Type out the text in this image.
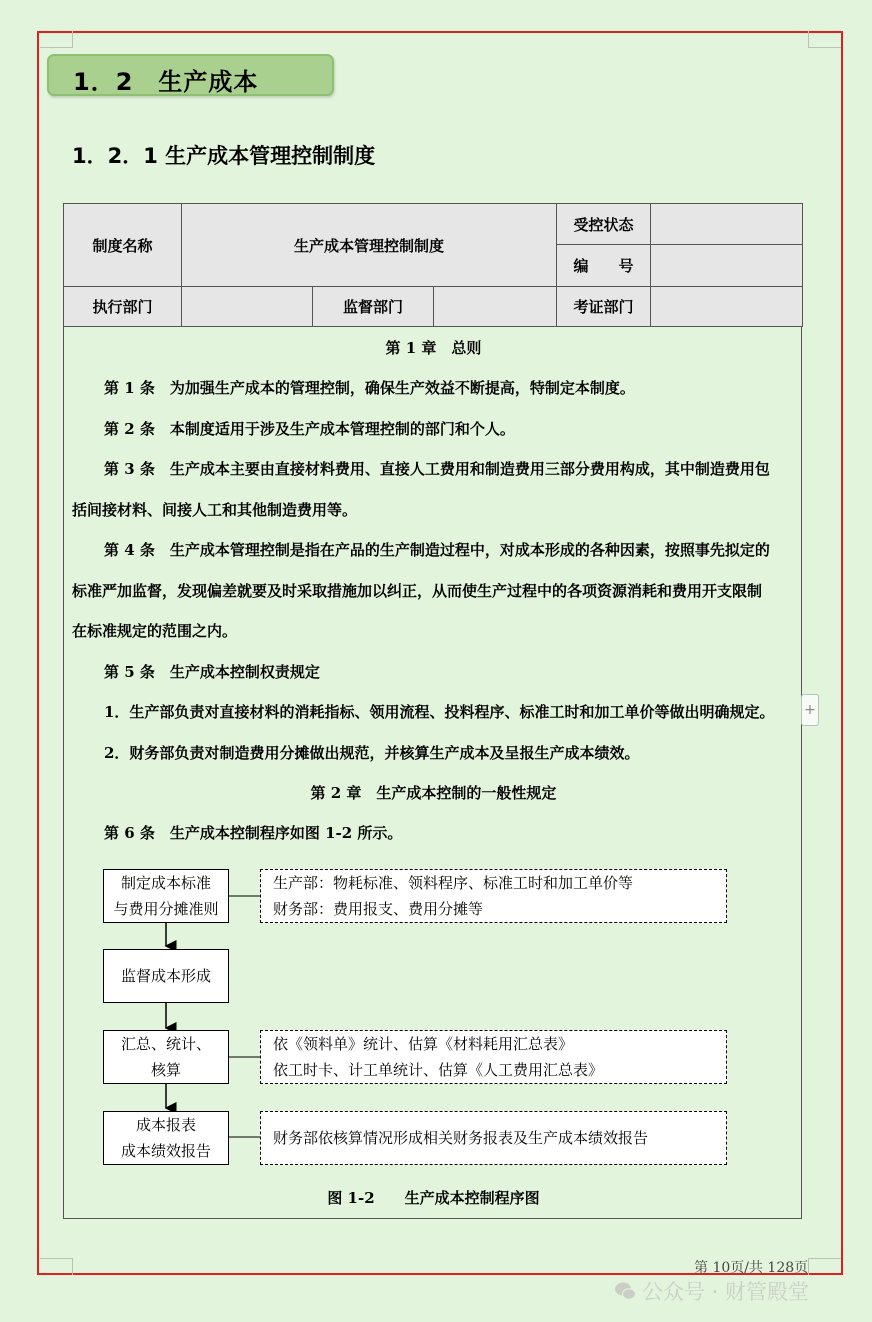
1．2　生产成本
1．2．1 生产成本管理控制制度
制度名称	生产成本管理控制制度			受控状态	
				编　　号	
执行部门		监督部门		考证部门	
第 1 章　总则
第 1 条　为加强生产成本的管理控制，确保生产效益不断提高，特制定本制度。
第 2 条　本制度适用于涉及生产成本管理控制的部门和个人。
第 3 条　生产成本主要由直接材料费用、直接人工费用和制造费用三部分费用构成，其中制造费用包
括间接材料、间接人工和其他制造费用等。
第 4 条　生产成本管理控制是指在产品的生产制造过程中，对成本形成的各种因素，按照事先拟定的
标准严加监督，发现偏差就要及时采取措施加以纠正，从而使生产过程中的各项资源消耗和费用开支限制
在标准规定的范围之内。
第 5 条　生产成本控制权责规定
1．生产部负责对直接材料的消耗指标、领用流程、投料程序、标准工时和加工单价等做出明确规定。
2．财务部负责对制造费用分摊做出规范，并核算生产成本及呈报生产成本绩效。
第 2 章　生产成本控制的一般性规定
第 6 条　生产成本控制程序如图 1-2 所示。
图 1-2　　生产成本控制程序图
+
制定成本标准
与费用分摊准则
监督成本形成
汇总、统计、
核算
成本报表
成本绩效报告
生产部：物耗标准、领料程序、标准工时和加工单价等
财务部：费用报支、费用分摊等
依《领料单》统计、估算《材料耗用汇总表》
依工时卡、计工单统计、估算《人工费用汇总表》
财务部依核算情况形成相关财务报表及生产成本绩效报告
第 10页/共 128页
公众号 · 财管殿堂
